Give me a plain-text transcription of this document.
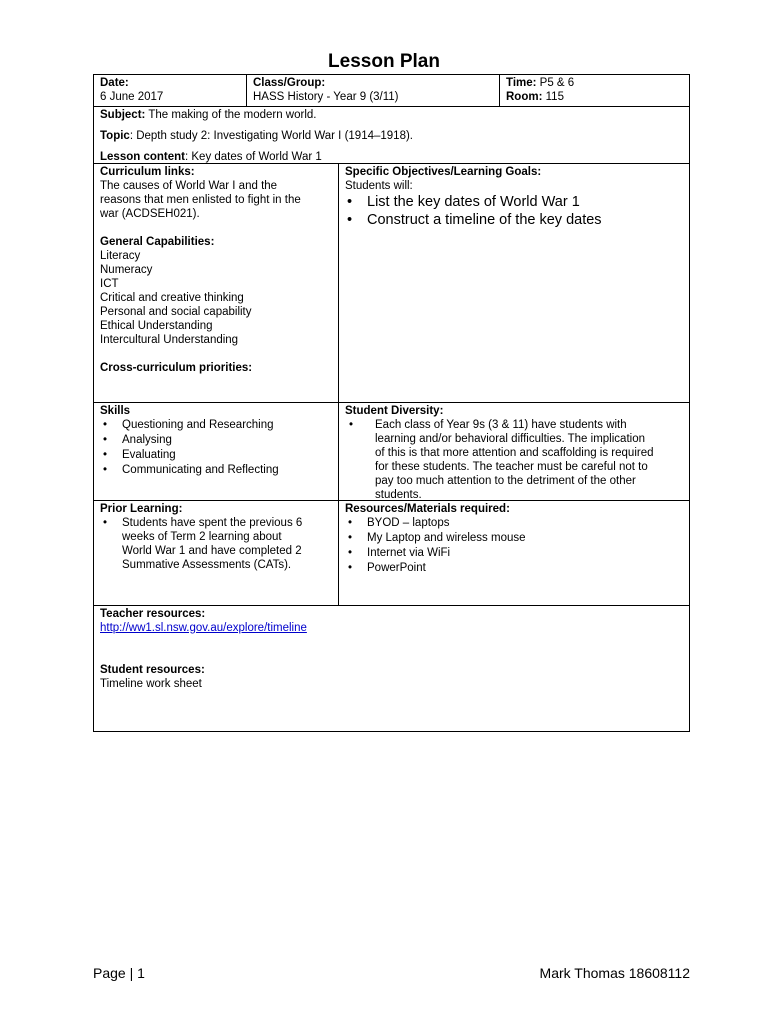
Lesson Plan
Date:
6 June 2017
Class/Group:
HASS History - Year 9 (3/11)
Time: P5 & 6
Room: 115
Subject: The making of the modern world.
Topic: Depth study 2: Investigating World War I (1914–1918).
Lesson content: Key dates of World War 1
Curriculum links:
The causes of World War I and the
reasons that men enlisted to fight in the
war (ACDSEH021).
General Capabilities:
Literacy
Numeracy
ICT
Critical and creative thinking
Personal and social capability
Ethical Understanding
Intercultural Understanding
Cross-curriculum priorities:
Specific Objectives/Learning Goals:
Students will:
• List the key dates of World War 1
• Construct a timeline of the key dates
Skills
• Questioning and Researching
• Analysing
• Evaluating
• Communicating and Reflecting
Student Diversity:
• Each class of Year 9s (3 & 11) have students with
learning and/or behavioral difficulties. The implication
of this is that more attention and scaffolding is required
for these students. The teacher must be careful not to
pay too much attention to the detriment of the other
students.
Prior Learning:
• Students have spent the previous 6
weeks of Term 2 learning about
World War 1 and have completed 2
Summative Assessments (CATs).
Resources/Materials required:
• BYOD – laptops
• My Laptop and wireless mouse
• Internet via WiFi
• PowerPoint
Teacher resources:
http://ww1.sl.nsw.gov.au/explore/timeline
Student resources:
Timeline work sheet
Page | 1	Mark Thomas 18608112
